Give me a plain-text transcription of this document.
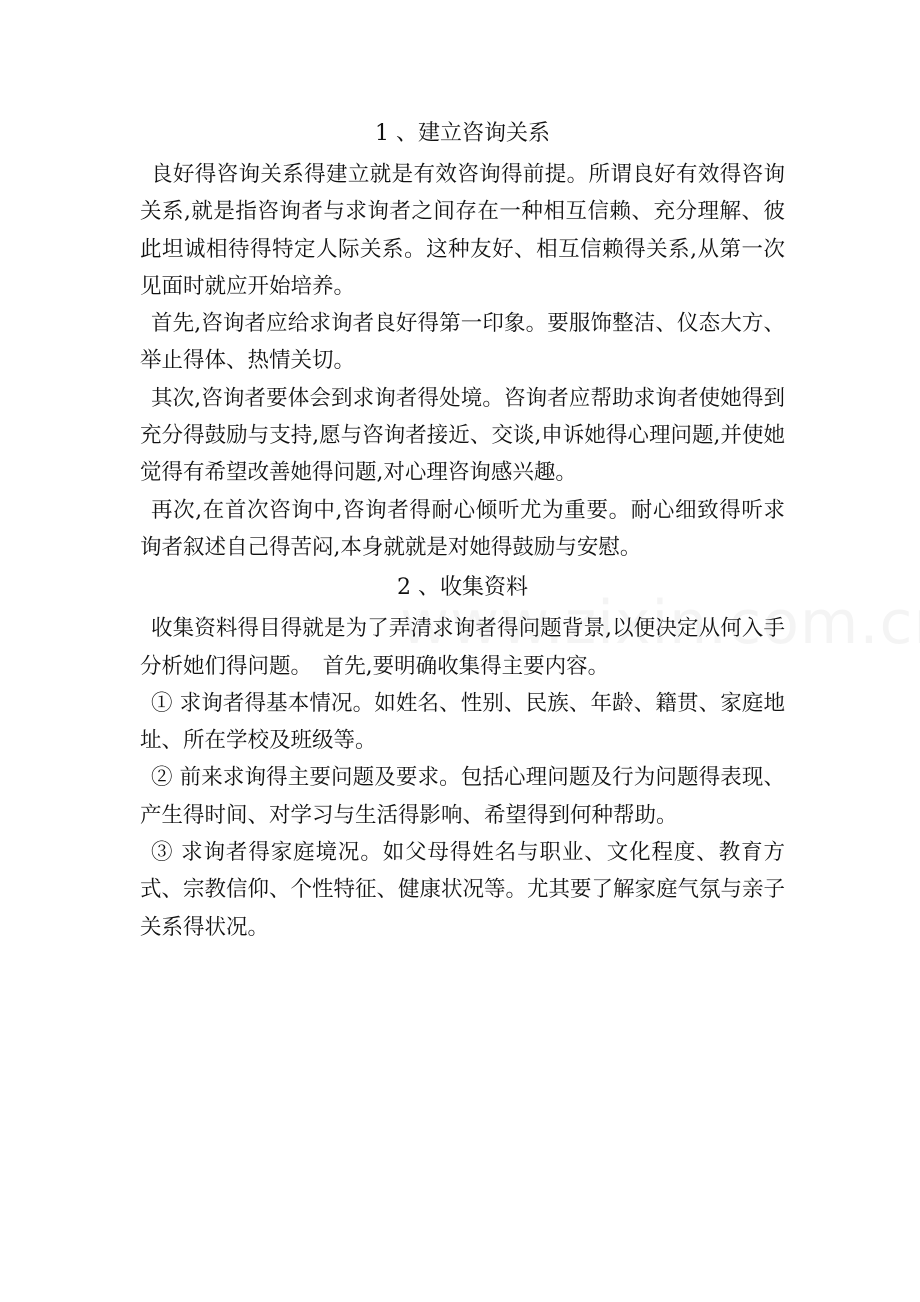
1 、建立咨询关系

良好得咨询关系得建立就是有效咨询得前提。所谓良好有效得咨询关系,就是指咨询者与求询者之间存在一种相互信赖、充分理解、彼此坦诚相待得特定人际关系。这种友好、相互信赖得关系,从第一次见面时就应开始培养。

首先,咨询者应给求询者良好得第一印象。要服饰整洁、仪态大方、举止得体、热情关切。

其次,咨询者要体会到求询者得处境。咨询者应帮助求询者使她得到充分得鼓励与支持,愿与咨询者接近、交谈,申诉她得心理问题,并使她觉得有希望改善她得问题,对心理咨询感兴趣。

再次,在首次咨询中,咨询者得耐心倾听尤为重要。耐心细致得听求询者叙述自己得苦闷,本身就就是对她得鼓励与安慰。

2 、收集资料

收集资料得目得就是为了弄清求询者得问题背景,以便决定从何入手分析她们得问题。　首先,要明确收集得主要内容。

① 求询者得基本情况。如姓名、性别、民族、年龄、籍贯、家庭地址、所在学校及班级等。

② 前来求询得主要问题及要求。包括心理问题及行为问题得表现、产生得时间、对学习与生活得影响、希望得到何种帮助。

③ 求询者得家庭境况。如父母得姓名与职业、文化程度、教育方式、宗教信仰、个性特征、健康状况等。尤其要了解家庭气氛与亲子关系得状况。
